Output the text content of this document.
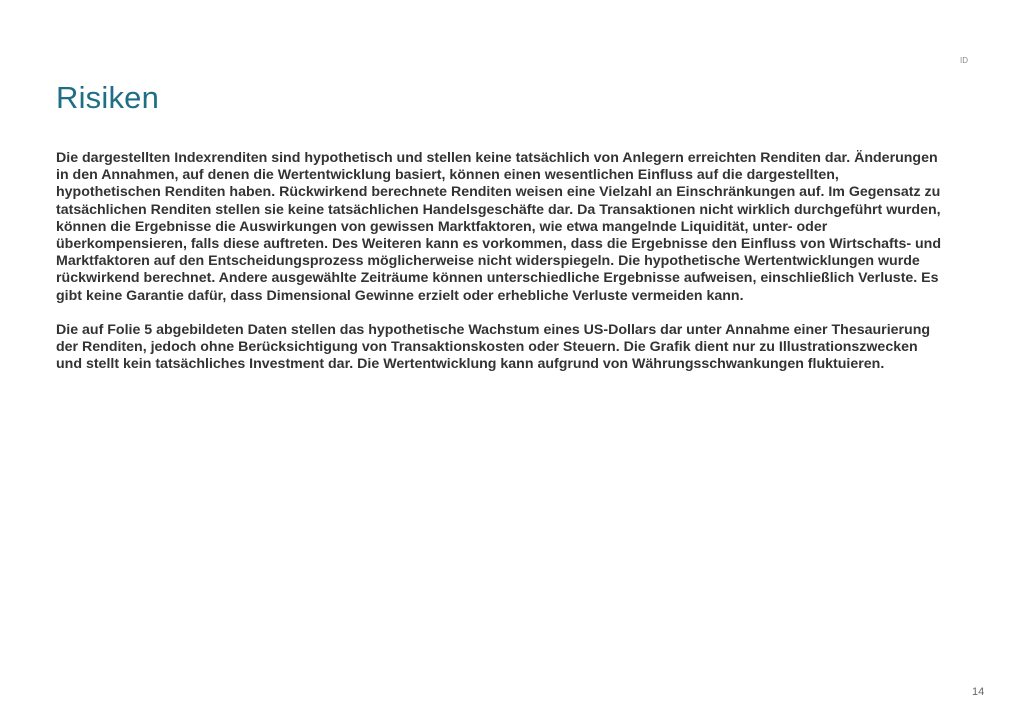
ID
Risiken

Die dargestellten Indexrenditen sind hypothetisch und stellen keine tatsächlich von Anlegern erreichten Renditen dar. Änderungen
in den Annahmen, auf denen die Wertentwicklung basiert, können einen wesentlichen Einfluss auf die dargestellten,
hypothetischen Renditen haben. Rückwirkend berechnete Renditen weisen eine Vielzahl an Einschränkungen auf. Im Gegensatz zu
tatsächlichen Renditen stellen sie keine tatsächlichen Handelsgeschäfte dar. Da Transaktionen nicht wirklich durchgeführt wurden,
können die Ergebnisse die Auswirkungen von gewissen Marktfaktoren, wie etwa mangelnde Liquidität, unter- oder
überkompensieren, falls diese auftreten. Des Weiteren kann es vorkommen, dass die Ergebnisse den Einfluss von Wirtschafts- und
Marktfaktoren auf den Entscheidungsprozess möglicherweise nicht widerspiegeln. Die hypothetische Wertentwicklungen wurde
rückwirkend berechnet. Andere ausgewählte Zeiträume können unterschiedliche Ergebnisse aufweisen, einschließlich Verluste. Es
gibt keine Garantie dafür, dass Dimensional Gewinne erzielt oder erhebliche Verluste vermeiden kann.

Die auf Folie 5 abgebildeten Daten stellen das hypothetische Wachstum eines US-Dollars dar unter Annahme einer Thesaurierung
der Renditen, jedoch ohne Berücksichtigung von Transaktionskosten oder Steuern. Die Grafik dient nur zu Illustrationszwecken
und stellt kein tatsächliches Investment dar. Die Wertentwicklung kann aufgrund von Währungsschwankungen fluktuieren.

14
